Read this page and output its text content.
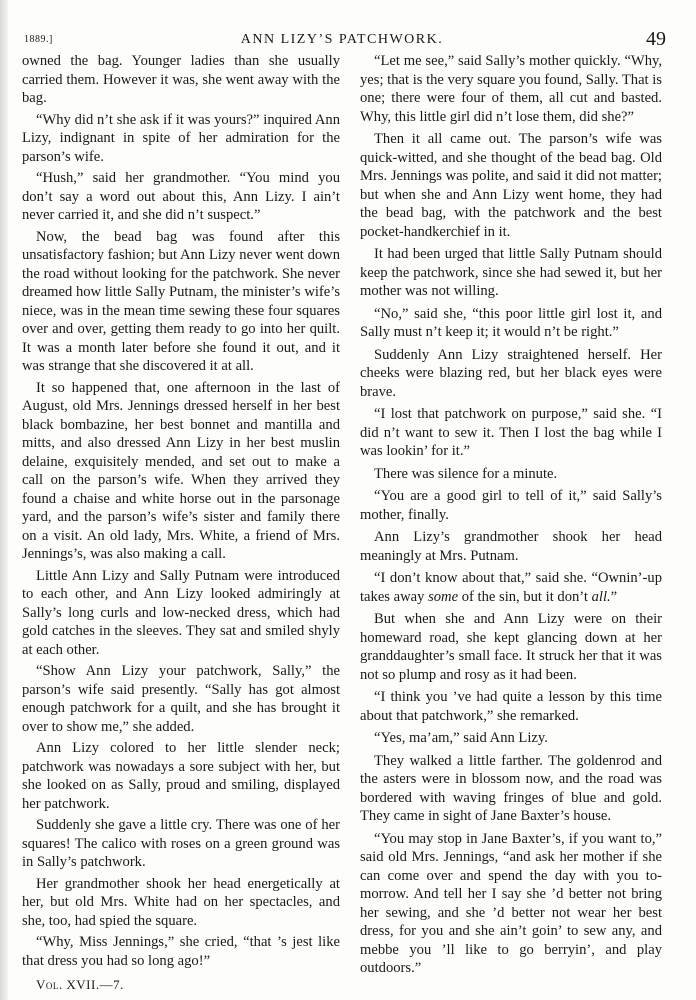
1889.]	ANN LIZY’S PATCHWORK.	49

owned the bag. Younger ladies than she usually carried them. However it was, she went away with the bag.

“Why did n’t she ask if it was yours?” inquired Ann Lizy, indignant in spite of her admiration for the parson’s wife.

“Hush,” said her grandmother. “You mind you don’t say a word out about this, Ann Lizy. I ain’t never carried it, and she did n’t suspect.”

Now, the bead bag was found after this unsatisfactory fashion; but Ann Lizy never went down the road without looking for the patchwork. She never dreamed how little Sally Putnam, the minister’s wife’s niece, was in the mean time sewing these four squares over and over, getting them ready to go into her quilt. It was a month later before she found it out, and it was strange that she discovered it at all.

It so happened that, one afternoon in the last of August, old Mrs. Jennings dressed herself in her best black bombazine, her best bonnet and mantilla and mitts, and also dressed Ann Lizy in her best muslin delaine, exquisitely mended, and set out to make a call on the parson’s wife. When they arrived they found a chaise and white horse out in the parsonage yard, and the parson’s wife’s sister and family there on a visit. An old lady, Mrs. White, a friend of Mrs. Jennings’s, was also making a call.

Little Ann Lizy and Sally Putnam were introduced to each other, and Ann Lizy looked admiringly at Sally’s long curls and low-necked dress, which had gold catches in the sleeves. They sat and smiled shyly at each other.

“Show Ann Lizy your patchwork, Sally,” the parson’s wife said presently. “Sally has got almost enough patchwork for a quilt, and she has brought it over to show me,” she added.

Ann Lizy colored to her little slender neck; patchwork was nowadays a sore subject with her, but she looked on as Sally, proud and smiling, displayed her patchwork.

Suddenly she gave a little cry. There was one of her squares! The calico with roses on a green ground was in Sally’s patchwork.

Her grandmother shook her head energetically at her, but old Mrs. White had on her spectacles, and she, too, had spied the square.

“Why, Miss Jennings,” she cried, “that ’s jest like that dress you had so long ago!”

Vol. XVII.—7.

“Let me see,” said Sally’s mother quickly. “Why, yes; that is the very square you found, Sally. That is one; there were four of them, all cut and basted. Why, this little girl did n’t lose them, did she?”

Then it all came out. The parson’s wife was quick-witted, and she thought of the bead bag. Old Mrs. Jennings was polite, and said it did not matter; but when she and Ann Lizy went home, they had the bead bag, with the patchwork and the best pocket-handkerchief in it.

It had been urged that little Sally Putnam should keep the patchwork, since she had sewed it, but her mother was not willing.

“No,” said she, “this poor little girl lost it, and Sally must n’t keep it; it would n’t be right.”

Suddenly Ann Lizy straightened herself. Her cheeks were blazing red, but her black eyes were brave.

“I lost that patchwork on purpose,” said she. “I did n’t want to sew it. Then I lost the bag while I was lookin’ for it.”

There was silence for a minute.

“You are a good girl to tell of it,” said Sally’s mother, finally.

Ann Lizy’s grandmother shook her head meaningly at Mrs. Putnam.

“I don’t know about that,” said she. “Ownin’-up takes away some of the sin, but it don’t all.”

But when she and Ann Lizy were on their homeward road, she kept glancing down at her granddaughter’s small face. It struck her that it was not so plump and rosy as it had been.

“I think you ’ve had quite a lesson by this time about that patchwork,” she remarked.

“Yes, ma’am,” said Ann Lizy.

They walked a little farther. The goldenrod and the asters were in blossom now, and the road was bordered with waving fringes of blue and gold. They came in sight of Jane Baxter’s house.

“You may stop in Jane Baxter’s, if you want to,” said old Mrs. Jennings, “and ask her mother if she can come over and spend the day with you to-morrow. And tell her I say she ’d better not bring her sewing, and she ’d better not wear her best dress, for you and she ain’t goin’ to sew any, and mebbe you ’ll like to go berryin’, and play outdoors.”
